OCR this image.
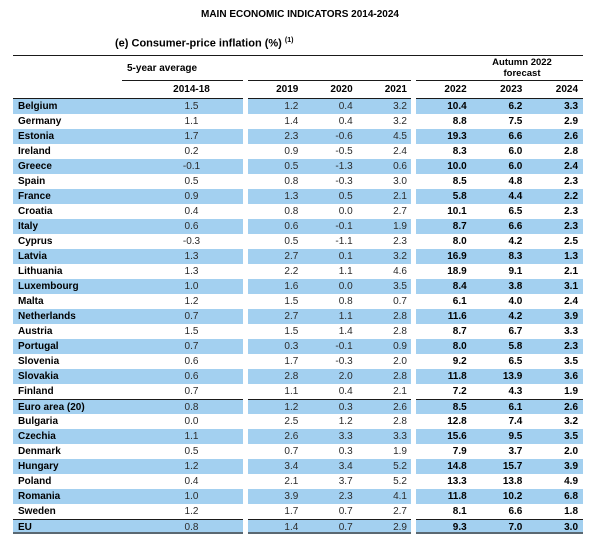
MAIN ECONOMIC INDICATORS 2014-2024
(e) Consumer-price inflation (%) $^{(1)}$
5-year average	Autumn 2022
forecast
2014-18	2019	2020	2021	2022	2023	2024
Belgium	1.5	1.2	0.4	3.2	10.4	6.2	3.3
Germany	1.1	1.4	0.4	3.2	8.8	7.5	2.9
Estonia	1.7	2.3	-0.6	4.5	19.3	6.6	2.6
Ireland	0.2	0.9	-0.5	2.4	8.3	6.0	2.8
Greece	-0.1	0.5	-1.3	0.6	10.0	6.0	2.4
Spain	0.5	0.8	-0.3	3.0	8.5	4.8	2.3
France	0.9	1.3	0.5	2.1	5.8	4.4	2.2
Croatia	0.4	0.8	0.0	2.7	10.1	6.5	2.3
Italy	0.6	0.6	-0.1	1.9	8.7	6.6	2.3
Cyprus	-0.3	0.5	-1.1	2.3	8.0	4.2	2.5
Latvia	1.3	2.7	0.1	3.2	16.9	8.3	1.3
Lithuania	1.3	2.2	1.1	4.6	18.9	9.1	2.1
Luxembourg	1.0	1.6	0.0	3.5	8.4	3.8	3.1
Malta	1.2	1.5	0.8	0.7	6.1	4.0	2.4
Netherlands	0.7	2.7	1.1	2.8	11.6	4.2	3.9
Austria	1.5	1.5	1.4	2.8	8.7	6.7	3.3
Portugal	0.7	0.3	-0.1	0.9	8.0	5.8	2.3
Slovenia	0.6	1.7	-0.3	2.0	9.2	6.5	3.5
Slovakia	0.6	2.8	2.0	2.8	11.8	13.9	3.6
Finland	0.7	1.1	0.4	2.1	7.2	4.3	1.9
Euro area (20)	0.8	1.2	0.3	2.6	8.5	6.1	2.6
Bulgaria	0.0	2.5	1.2	2.8	12.8	7.4	3.2
Czechia	1.1	2.6	3.3	3.3	15.6	9.5	3.5
Denmark	0.5	0.7	0.3	1.9	7.9	3.7	2.0
Hungary	1.2	3.4	3.4	5.2	14.8	15.7	3.9
Poland	0.4	2.1	3.7	5.2	13.3	13.8	4.9
Romania	1.0	3.9	2.3	4.1	11.8	10.2	6.8
Sweden	1.2	1.7	0.7	2.7	8.1	6.6	1.8
EU	0.8	1.4	0.7	2.9	9.3	7.0	3.0
